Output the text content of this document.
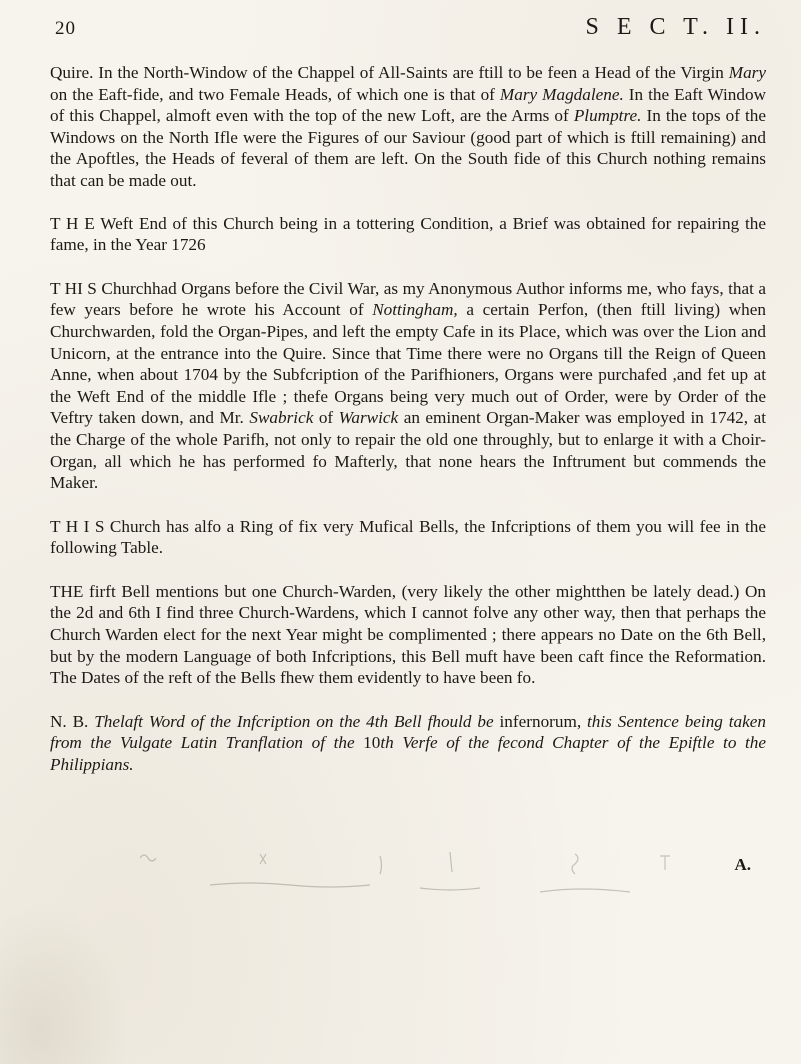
20	S E C T. II.

Quire. In the North-Window of the Chappel of All-Saints are ftill to be feen a Head of the Virgin Mary on the Eaft-fide, and two Female Heads, of which one is that of Mary Magdalene. In the Eaft Window of this Chappel, almoft even with the top of the new Loft, are the Arms of Plumptre. In the tops of the Windows on the North Ifle were the Figures of our Saviour (good part of which is ftill remaining) and the Apoftles, the Heads of feveral of them are left. On the South fide of this Church nothing remains that can be made out.

T H E Weft End of this Church being in a tottering Condition, a Brief was obtained for repairing the fame, in the Year 1726

T HI S Churchhad Organs before the Civil War, as my Anonymous Author informs me, who fays, that a few years before he wrote his Account of Nottingham, a certain Perfon, (then ftill living) when Churchwarden, fold the Organ-Pipes, and left the empty Cafe in its Place, which was over the Lion and Unicorn, at the entrance into the Quire. Since that Time there were no Organs till the Reign of Queen Anne, when about 1704 by the Subfcription of the Parifhioners, Organs were purchafed ,and fet up at the Weft End of the middle Ifle ; thefe Organs being very much out of Order, were by Order of the Veftry taken down, and Mr. Swabrick of Warwick an eminent Organ-Maker was employed in 1742, at the Charge of the whole Parifh, not only to repair the old one throughly, but to enlarge it with a Choir-Organ, all which he has performed fo Mafterly, that none hears the Inftrument but commends the Maker.

T H I S Church has alfo a Ring of fix very Mufical Bells, the Infcriptions of them you will fee in the following Table.

THE firft Bell mentions but one Church-Warden, (very likely the other mightthen be lately dead.) On the 2d and 6th I find three Church-Wardens, which I cannot folve any other way, then that perhaps the Church Warden elect for the next Year might be complimented ; there appears no Date on the 6th Bell, but by the modern Language of both Infcriptions, this Bell muft have been caft fince the Reformation. The Dates of the reft of the Bells fhew them evidently to have been fo.

N. B. Thelaft Word of the Infcription on the 4th Bell fhould be infernorum, this Sentence being taken from the Vulgate Latin Tranflation of the 10th Verfe of the fecond Chapter of the Epiftle to the Philippians.

A.
